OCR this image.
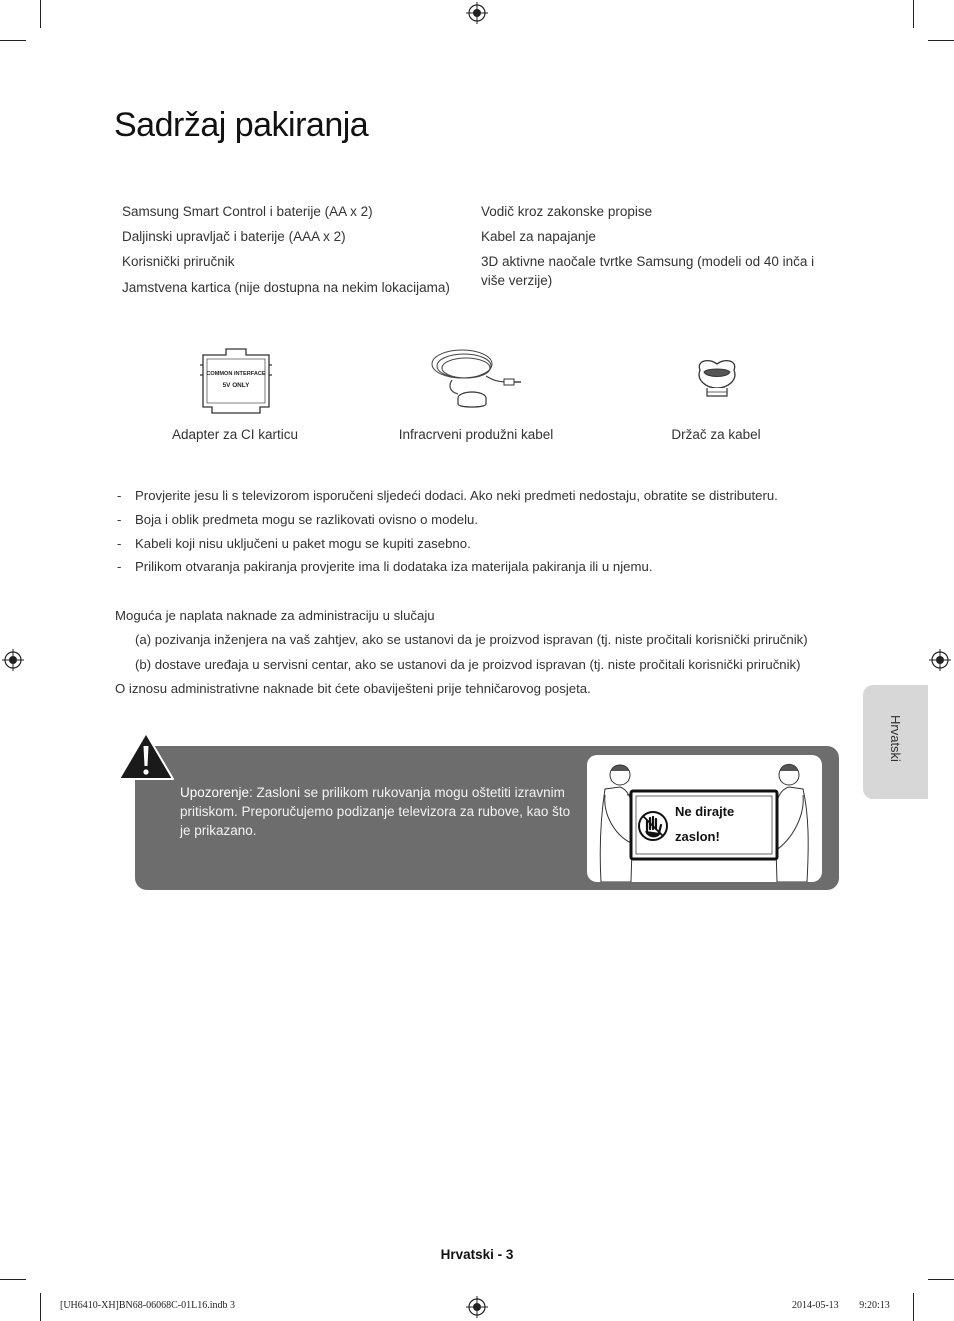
Sadržaj pakiranja
Samsung Smart Control i baterije (AA x 2)
Daljinski upravljač i baterije (AAA x 2)
Korisnički priručnik
Jamstvena kartica (nije dostupna na nekim lokacijama)
Vodič kroz zakonske propise
Kabel za napajanje
3D aktivne naočale tvrtke Samsung (modeli od 40 inča i više verzije)
COMMON INTERFACE
5V ONLY
Adapter za CI karticu	Infracrveni produžni kabel	Držač za kabel
- Provjerite jesu li s televizorom isporučeni sljedeći dodaci. Ako neki predmeti nedostaju, obratite se distributeru.
- Boja i oblik predmeta mogu se razlikovati ovisno o modelu.
- Kabeli koji nisu uključeni u paket mogu se kupiti zasebno.
- Prilikom otvaranja pakiranja provjerite ima li dodataka iza materijala pakiranja ili u njemu.
Moguća je naplata naknade za administraciju u slučaju
(a) pozivanja inženjera na vaš zahtjev, ako se ustanovi da je proizvod ispravan (tj. niste pročitali korisnički priručnik)
(b) dostave uređaja u servisni centar, ako se ustanovi da je proizvod ispravan (tj. niste pročitali korisnički priručnik)
O iznosu administrativne naknade bit ćete obaviješteni prije tehničarovog posjeta.
Upozorenje: Zasloni se prilikom rukovanja mogu oštetiti izravnim pritiskom. Preporučujemo podizanje televizora za rubove, kao što je prikazano.
Ne dirajte
zaslon!
Hrvatski
Hrvatski - 3
[UH6410-XH]BN68-06068C-01L16.indb 3	2014-05-13 ￿￿ 9:20:13
